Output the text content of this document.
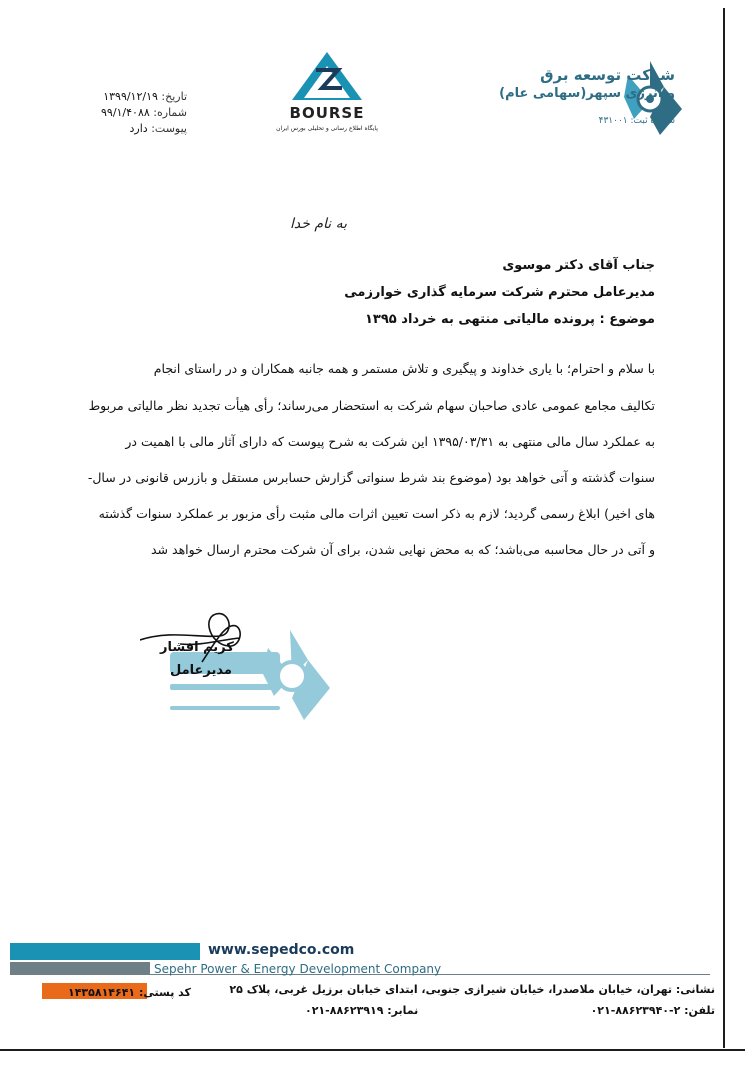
شرکت توسعه برق
و انرژی سپهر(سهامی عام)
شماره ثبت: ۴۳۱۰۰۱
BOURSE
پایگاه اطلاع رسانی و تحلیلی بورس ایران
تاریخ: ۱۳۹۹/۱۲/۱۹
شماره: ۹۹/۱/۴۰۸۸
پیوست: دارد
به نام خدا
جناب آقای دکتر موسوی
مدیرعامل محترم شرکت سرمایه گذاری خوارزمی
موضوع : پرونده مالیاتی منتهی به خرداد ۱۳۹۵
با سلام و احترام؛ با یاری خداوند و پیگیری و تلاش مستمر و همه جانبه همکاران و در راستای انجام
تکالیف مجامع عمومی عادی صاحبان سهام شرکت به استحضار می‌رساند؛ رأی هیأت تجدید نظر مالیاتی مربوط
به عملکرد سال مالی منتهی به ۱۳۹۵/۰۳/۳۱ این شرکت به شرح پیوست که دارای آثار مالی با اهمیت در
سنوات گذشته و آتی خواهد بود (موضوع بند شرط سنواتی گزارش حسابرس مستقل و بازرس قانونی در سال-
های اخیر) ابلاغ رسمی گردید؛ لازم به ذکر است تعیین اثرات مالی مثبت رأی مزبور بر عملکرد سنوات گذشته
و آتی در حال محاسبه می‌باشد؛ که به محض نهایی شدن، برای آن شرکت محترم ارسال خواهد شد
کریم افشار
مدیرعامل
www.sepedco.com
Sepehr Power & Energy Development Company
کد پستی: ۱۴۳۵۸۱۴۶۴۱	نشانی: تهران، خیابان ملاصدرا، خیابان شیرازی جنوبی، ابتدای خیابان برزیل غربی، پلاک ۲۵
تلفن: ۲-۸۸۶۲۳۹۴۰-۰۲۱
نمابر: ۸۸۶۲۳۹۱۹-۰۲۱
